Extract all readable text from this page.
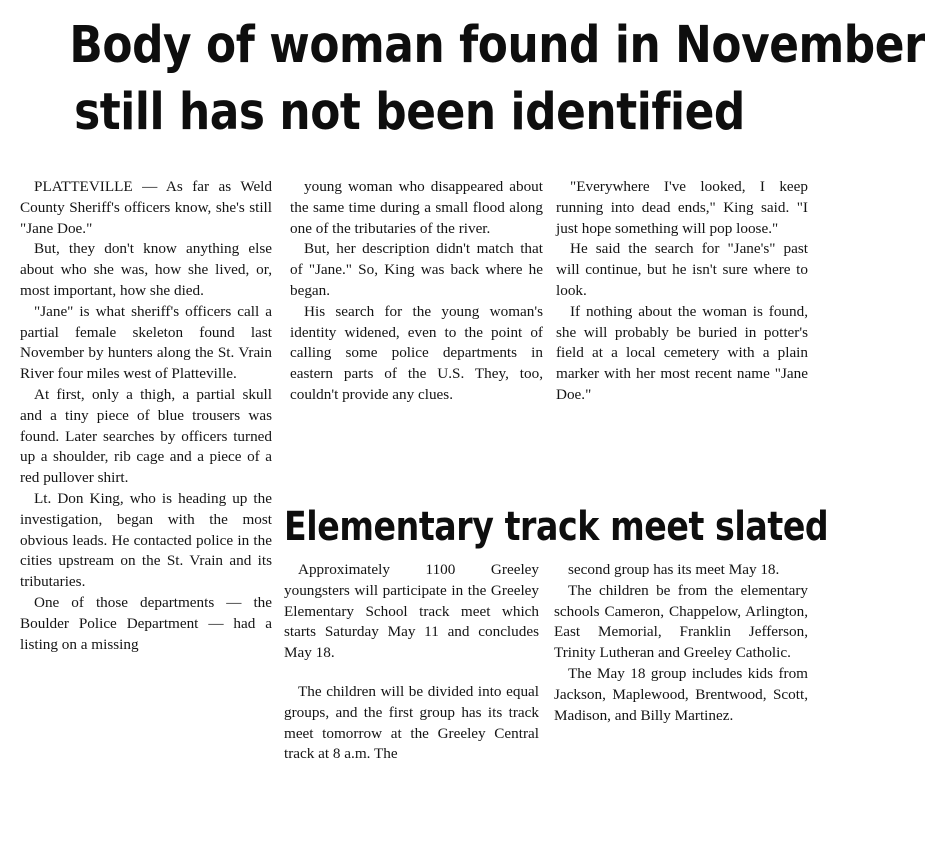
Body of woman found in November
still has not been identified

PLATTEVILLE — As far as Weld County Sheriff's officers know, she's still "Jane Doe."

But, they don't know anything else about who she was, how she lived, or, most important, how she died.

"Jane" is what sheriff's officers call a partial female skeleton found last November by hunters along the St. Vrain River four miles west of Platteville.

At first, only a thigh, a partial skull and a tiny piece of blue trousers was found. Later searches by officers turned up a shoulder, rib cage and a piece of a red pullover shirt.

Lt. Don King, who is heading up the investigation, began with the most obvious leads. He contacted police in the cities upstream on the St. Vrain and its tributaries.

One of those departments — the Boulder Police Department — had a listing on a missing

young woman who disappeared about the same time during a small flood along one of the tributaries of the river.

But, her description didn't match that of "Jane." So, King was back where he began.

His search for the young woman's identity widened, even to the point of calling some police departments in eastern parts of the U.S. They, too, couldn't provide any clues.

"Everywhere I've looked, I keep running into dead ends," King said. "I just hope something will pop loose."

He said the search for "Jane's" past will continue, but he isn't sure where to look.

If nothing about the woman is found, she will probably be buried in potter's field at a local cemetery with a plain marker with her most recent name "Jane Doe."

Elementary track meet slated

Approximately 1100 Greeley youngsters will participate in the Greeley Elementary School track meet which starts Saturday May 11 and concludes May 18.

The children will be divided into equal groups, and the first group has its track meet tomorrow at the Greeley Central track at 8 a.m. The

second group has its meet May 18.

The children be from the elementary schools Cameron, Chappelow, Arlington, East Memorial, Franklin Jefferson, Trinity Lutheran and Greeley Catholic.

The May 18 group includes kids from Jackson, Maplewood, Brentwood, Scott, Madison, and Billy Martinez.
